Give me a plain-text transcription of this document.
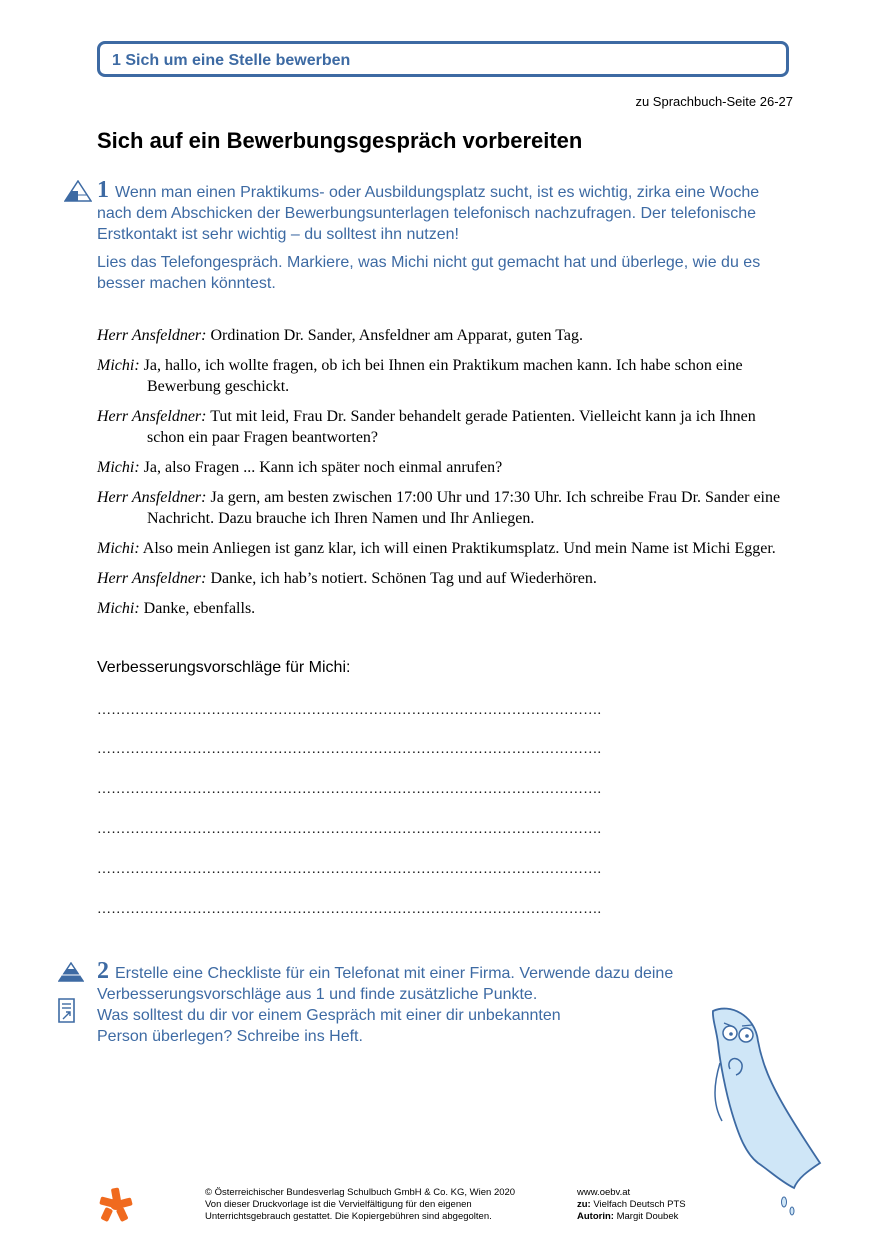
1 Sich um eine Stelle bewerben
zu Sprachbuch-Seite 26-27
Sich auf ein Bewerbungsgespräch vorbereiten

1 Wenn man einen Praktikums- oder Ausbildungsplatz sucht, ist es wichtig, zirka eine Woche nach dem Abschicken der Bewerbungsunterlagen telefonisch nachzufragen. Der telefonische Erstkontakt ist sehr wichtig – du solltest ihn nutzen!

Lies das Telefongespräch. Markiere, was Michi nicht gut gemacht hat und überlege, wie du es besser machen könntest.

Herr Ansfeldner: Ordination Dr. Sander, Ansfeldner am Apparat, guten Tag.

Michi: Ja, hallo, ich wollte fragen, ob ich bei Ihnen ein Praktikum machen kann. Ich habe schon eine Bewerbung geschickt.

Herr Ansfeldner: Tut mit leid, Frau Dr. Sander behandelt gerade Patienten. Vielleicht kann ja ich Ihnen schon ein paar Fragen beantworten?

Michi: Ja, also Fragen ... Kann ich später noch einmal anrufen?

Herr Ansfeldner: Ja gern, am besten zwischen 17:00 Uhr und 17:30 Uhr. Ich schreibe Frau Dr. Sander eine Nachricht. Dazu brauche ich Ihren Namen und Ihr Anliegen.

Michi: Also mein Anliegen ist ganz klar, ich will einen Praktikumsplatz. Und mein Name ist Michi Egger.

Herr Ansfeldner: Danke, ich hab’s notiert. Schönen Tag und auf Wiederhören.

Michi: Danke, ebenfalls.

Verbesserungsvorschläge für Michi:
…………………………………………………………………………………………….
…………………………………………………………………………………………….
…………………………………………………………………………………………….
…………………………………………………………………………………………….
…………………………………………………………………………………………….
…………………………………………………………………………………………….

2 Erstelle eine Checkliste für ein Telefonat mit einer Firma. Verwende dazu deine Verbesserungsvorschläge aus 1 und finde zusätzliche Punkte.

Was solltest du dir vor einem Gespräch mit einer dir unbekannten
Person überlegen? Schreibe ins Heft.

© Österreichischer Bundesverlag Schulbuch GmbH & Co. KG, Wien 2020
Von dieser Druckvorlage ist die Vervielfältigung für den eigenen
Unterrichtsgebrauch gestattet. Die Kopiergebühren sind abgegolten.
www.oebv.at
zu: Vielfach Deutsch PTS
Autorin: Margit Doubek
